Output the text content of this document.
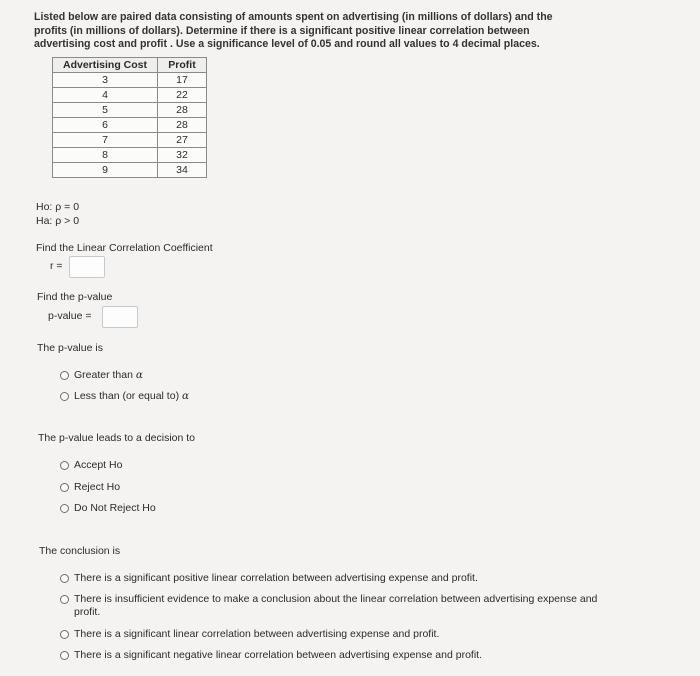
Listed below are paired data consisting of amounts spent on advertising (in millions of dollars) and the profits (in millions of dollars). Determine if there is a significant positive linear correlation between advertising cost and profit . Use a significance level of 0.05 and round all values to 4 decimal places.
Advertising Cost	Profit
3	17
4	22
5	28
6	28
7	27
8	32
9	34
Ho: ρ = 0
Ha: ρ > 0
Find the Linear Correlation Coefficient
r =
Find the p-value
p-value =
The p-value is
Greater than α
Less than (or equal to) α
The p-value leads to a decision to
Accept Ho
Reject Ho
Do Not Reject Ho
The conclusion is
There is a significant positive linear correlation between advertising expense and profit.
There is insufficient evidence to make a conclusion about the linear correlation between advertising expense and profit.
There is a significant linear correlation between advertising expense and profit.
There is a significant negative linear correlation between advertising expense and profit.
